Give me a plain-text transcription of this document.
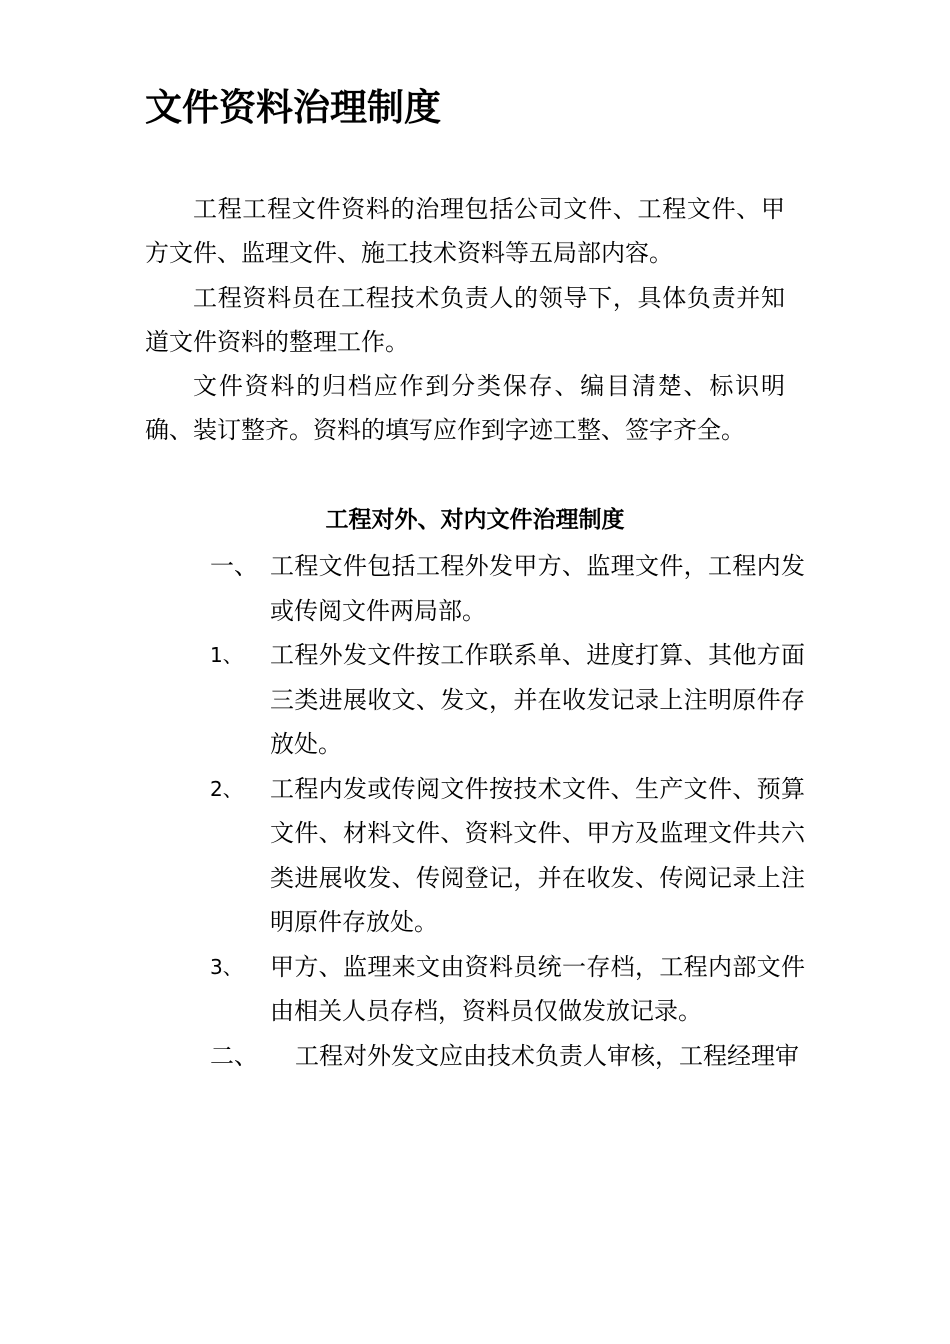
文件资料治理制度

工程工程文件资料的治理包括公司文件、工程文件、甲方文件、监理文件、施工技术资料等五局部内容。

工程资料员在工程技术负责人的领导下，具体负责并知道文件资料的整理工作。

文件资料的归档应作到分类保存、编目清楚、标识明确、装订整齐。资料的填写应作到字迹工整、签字齐全。

工程对外、对内文件治理制度
一、 工程文件包括工程外发甲方、监理文件，工程内发或传阅文件两局部。
1、 工程外发文件按工作联系单、进度打算、其他方面三类进展收文、发文，并在收发记录上注明原件存放处。
2、 工程内发或传阅文件按技术文件、生产文件、预算文件、材料文件、资料文件、甲方及监理文件共六类进展收发、传阅登记，并在收发、传阅记录上注明原件存放处。
3、 甲方、监理来文由资料员统一存档，工程内部文件由相关人员存档，资料员仅做发放记录。
二、	工程对外发文应由技术负责人审核，工程经理审
